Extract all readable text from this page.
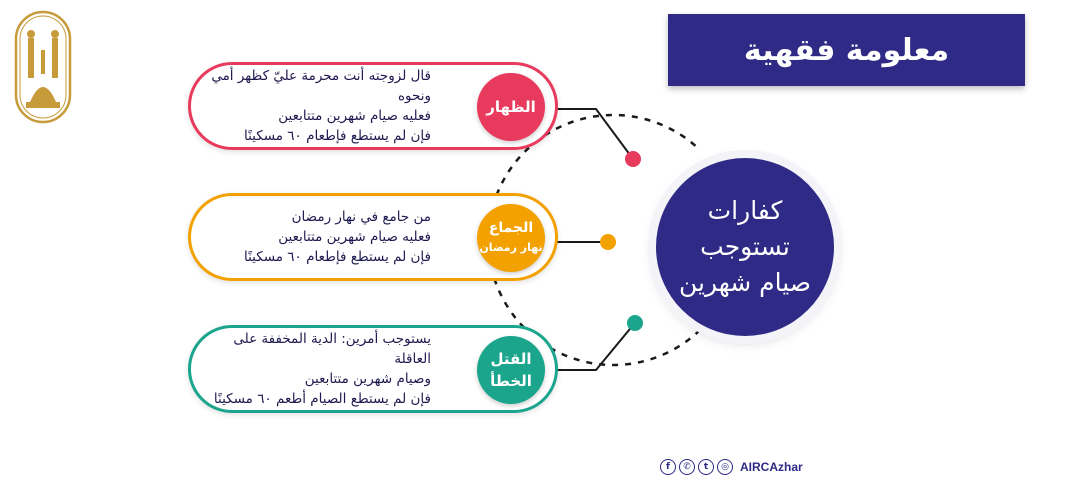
معلومة فقهية
كفارات
تستوجب
صيام شهرين
قال لزوجته أنت محرمة عليّ كظهر أمي ونحوه
فعليه صيام شهرين متتابعين
فإن لم يستطع فإطعام ٦٠ مسكينًا
الظهار
من جامع في نهار رمضان
فعليه صيام شهرين متتابعين
فإن لم يستطع فإطعام ٦٠ مسكينًا
الجماع
نهار رمضان
يستوجب أمرين: الدية المخففة على العاقلة
وصيام شهرين متتابعين
فإن لم يستطع الصيام أطعم ٦٠ مسكينًا
القتل
الخطأ
f	✆	t	◎ AIRCAzhar
